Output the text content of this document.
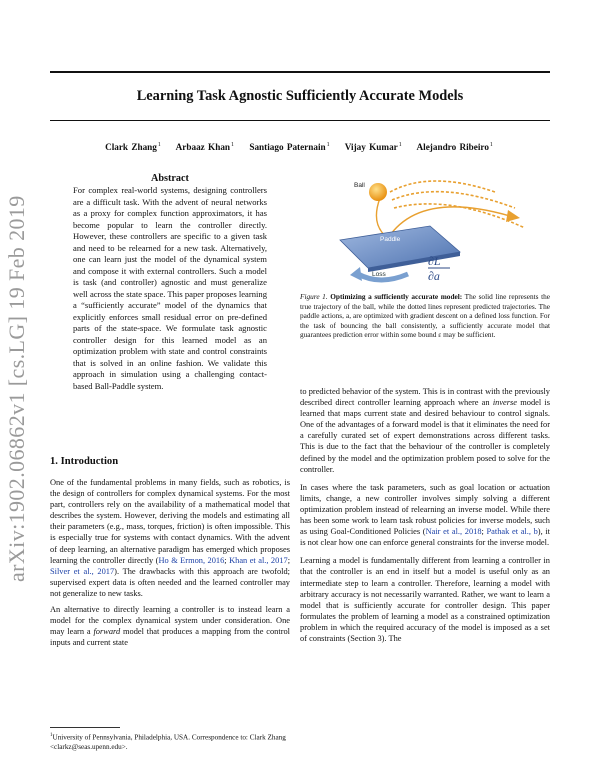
Learning Task Agnostic Sufficiently Accurate Models
Clark Zhang$^1$ Arbaaz Khan$^1$ Santiago Paternain$^1$ Vijay Kumar$^1$ Alejandro Ribeiro$^1$
arXiv:1902.06862v1 [cs.LG] 19 Feb 2019
Abstract
For complex real-world systems, designing controllers are a difficult task. With the advent of neural networks as a proxy for complex function approximators, it has become popular to learn the controller directly. However, these controllers are specific to a given task and need to be relearned for a new task. Alternatively, one can learn just the model of the dynamical system and compose it with external controllers. Such a model is task (and controller) agnostic and must generalize well across the state space. This paper proposes learning a “sufficiently accurate” model of the dynamics that explicitly enforces small residual error on pre-defined parts of the state-space. We formulate task agnostic controller design for this learned model as an optimization problem with state and control constraints that is solved in an online fashion. We validate this approach in simulation using a challenging contact-based Ball-Paddle system.
1. Introduction

One of the fundamental problems in many fields, such as robotics, is the design of controllers for complex dynamical systems. For the most part, controllers rely on the availability of a mathematical model that describes the system. However, deriving the models and estimating all their parameters (e.g., mass, torques, friction) is often impossible. This is especially true for systems with contact dynamics. With the advent of deep learning, an alternative paradigm has emerged which proposes learning the controller directly (Ho & Ermon, 2016; Khan et al., 2017; Silver et al., 2017). The drawbacks with this approach are twofold; supervised expert data is often needed and the learned controller may not generalize to new tasks.

An alternative to directly learning a controller is to instead learn a model for the complex dynamical system under consideration. One may learn a forward model that produces a mapping from the control inputs and current state

$^1$University of Pennsylvania, Philadelphia, USA. Correspondence to: Clark Zhang <clarkz@seas.upenn.edu>.
Ball
Paddle
Loss
∂L
∂a
Figure 1. Optimizing a sufficiently accurate model: The solid line represents the true trajectory of the ball, while the dotted lines represent predicted trajectories. The paddle actions, a, are optimized with gradient descent on a defined loss function. For the task of bouncing the ball consistently, a sufficiently accurate model that guarantees prediction error within some bound ε may be sufficient.

to predicted behavior of the system. This is in contrast with the previously described direct controller learning approach where an inverse model is learned that maps current state and desired behaviour to control signals. One of the advantages of a forward model is that it eliminates the need for a carefully curated set of expert demonstrations across different tasks. This is due to the fact that the behaviour of the controller is completely defined by the model and the optimization problem posed to solve for the controller.

In cases where the task parameters, such as goal location or actuation limits, change, a new controller involves simply solving a different optimization problem instead of relearning an inverse model. While there has been some work to learn task robust policies for inverse models, such as using Goal-Conditioned Policies (Nair et al., 2018; Pathak et al., b), it is not clear how one can enforce general constraints for the inverse model.

Learning a model is fundamentally different from learning a controller in that the controller is an end in itself but a model is useful only as an intermediate step to learn a controller. Therefore, learning a model with arbitrary accuracy is not necessarily warranted. Rather, we want to learn a model that is sufficiently accurate for controller design. This paper formulates the problem of learning a model as a constrained optimization problem in which the required accuracy of the model is imposed as a set of constraints (Section 3). The
